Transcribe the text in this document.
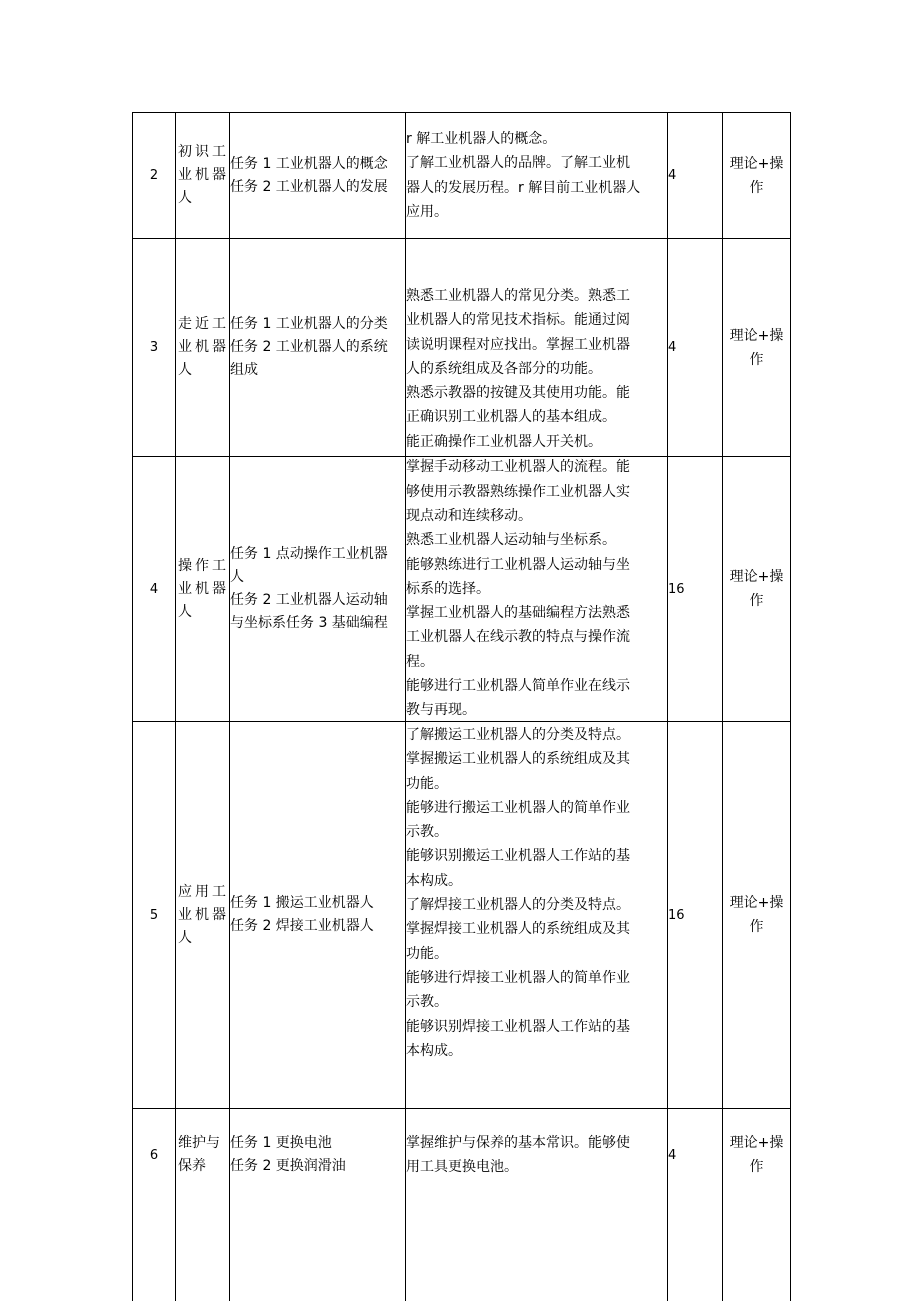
2
初识工业机器人
任务 1 工业机器人的概念
任务 2 工业机器人的发展
r 解工业机器人的概念。
了解工业机器人的品牌。了解工业机
器人的发展历程。r 解目前工业机器人
应用。
4
理论+操
作
3
走近工业机器人
任务 1 工业机器人的分类
任务 2 工业机器人的系统
组成
熟悉工业机器人的常见分类。熟悉工
业机器人的常见技术指标。能通过阅
读说明课程对应找出。掌握工业机器
人的系统组成及各部分的功能。
熟悉示教器的按键及其使用功能。能
正确识别工业机器人的基本组成。
能正确操作工业机器人开关机。
4
理论+操
作
4
操作工业机器人
任务 1 点动操作工业机器
人
任务 2 工业机器人运动轴
与坐标系任务 3 基础编程
掌握手动移动工业机器人的流程。能
够使用示教器熟练操作工业机器人实
现点动和连续移动。
熟悉工业机器人运动轴与坐标系。
能够熟练进行工业机器人运动轴与坐
标系的选择。
掌握工业机器人的基础编程方法熟悉
工业机器人在线示教的特点与操作流
程。
能够进行工业机器人简单作业在线示
教与再现。
16
理论+操
作
5
应用工业机器人
任务 1 搬运工业机器人
任务 2 焊接工业机器人
了解搬运工业机器人的分类及特点。
掌握搬运工业机器人的系统组成及其
功能。
能够进行搬运工业机器人的简单作业
示教。
能够识别搬运工业机器人工作站的基
本构成。
了解焊接工业机器人的分类及特点。
掌握焊接工业机器人的系统组成及其
功能。
能够进行焊接工业机器人的简单作业
示教。
能够识别焊接工业机器人工作站的基
本构成。
16
理论+操
作
6
维护与保养
任务 1 更换电池
任务 2 更换润滑油
掌握维护与保养的基本常识。能够使
用工具更换电池。
4
理论+操
作
